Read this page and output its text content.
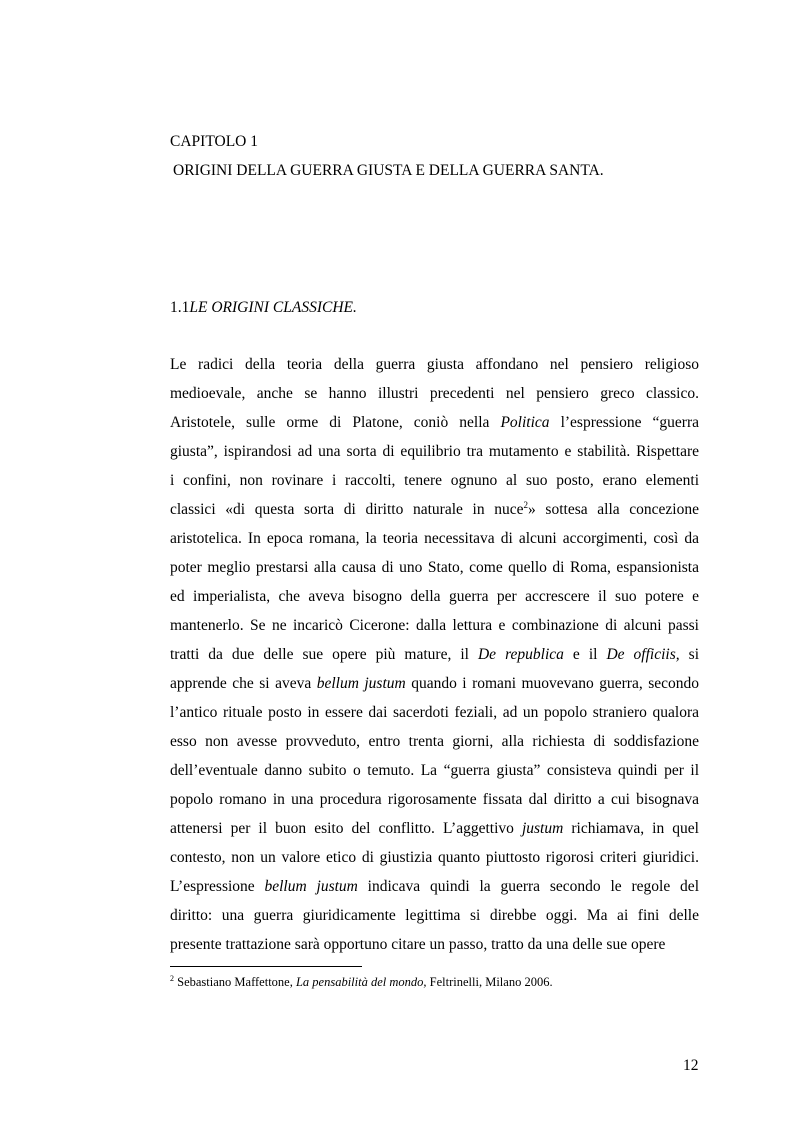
CAPITOLO 1
ORIGINI DELLA GUERRA GIUSTA E DELLA GUERRA SANTA.
1.1LE ORIGINI CLASSICHE.
Le radici della teoria della guerra giusta affondano nel pensiero religioso
medioevale, anche se hanno illustri precedenti nel pensiero greco classico.
Aristotele, sulle orme di Platone, coniò nella Politica l’espressione “guerra
giusta”, ispirandosi ad una sorta di equilibrio tra mutamento e stabilità. Rispettare
i confini, non rovinare i raccolti, tenere ognuno al suo posto, erano elementi
classici «di questa sorta di diritto naturale in nuce$^2$» sottesa alla concezione
aristotelica. In epoca romana, la teoria necessitava di alcuni accorgimenti, così da
poter meglio prestarsi alla causa di uno Stato, come quello di Roma, espansionista
ed imperialista, che aveva bisogno della guerra per accrescere il suo potere e
mantenerlo. Se ne incaricò Cicerone: dalla lettura e combinazione di alcuni passi
tratti da due delle sue opere più mature, il De republica e il De officiis, si
apprende che si aveva bellum justum quando i romani muovevano guerra, secondo
l’antico rituale posto in essere dai sacerdoti feziali, ad un popolo straniero qualora
esso non avesse provveduto, entro trenta giorni, alla richiesta di soddisfazione
dell’eventuale danno subito o temuto. La “guerra giusta” consisteva quindi per il
popolo romano in una procedura rigorosamente fissata dal diritto a cui bisognava
attenersi per il buon esito del conflitto. L’aggettivo justum richiamava, in quel
contesto, non un valore etico di giustizia quanto piuttosto rigorosi criteri giuridici.
L’espressione bellum justum indicava quindi la guerra secondo le regole del
diritto: una guerra giuridicamente legittima si direbbe oggi. Ma ai fini delle
presente trattazione sarà opportuno citare un passo, tratto da una delle sue opere
$^2$ Sebastiano Maffettone, La pensabilità del mondo, Feltrinelli, Milano 2006.
12
